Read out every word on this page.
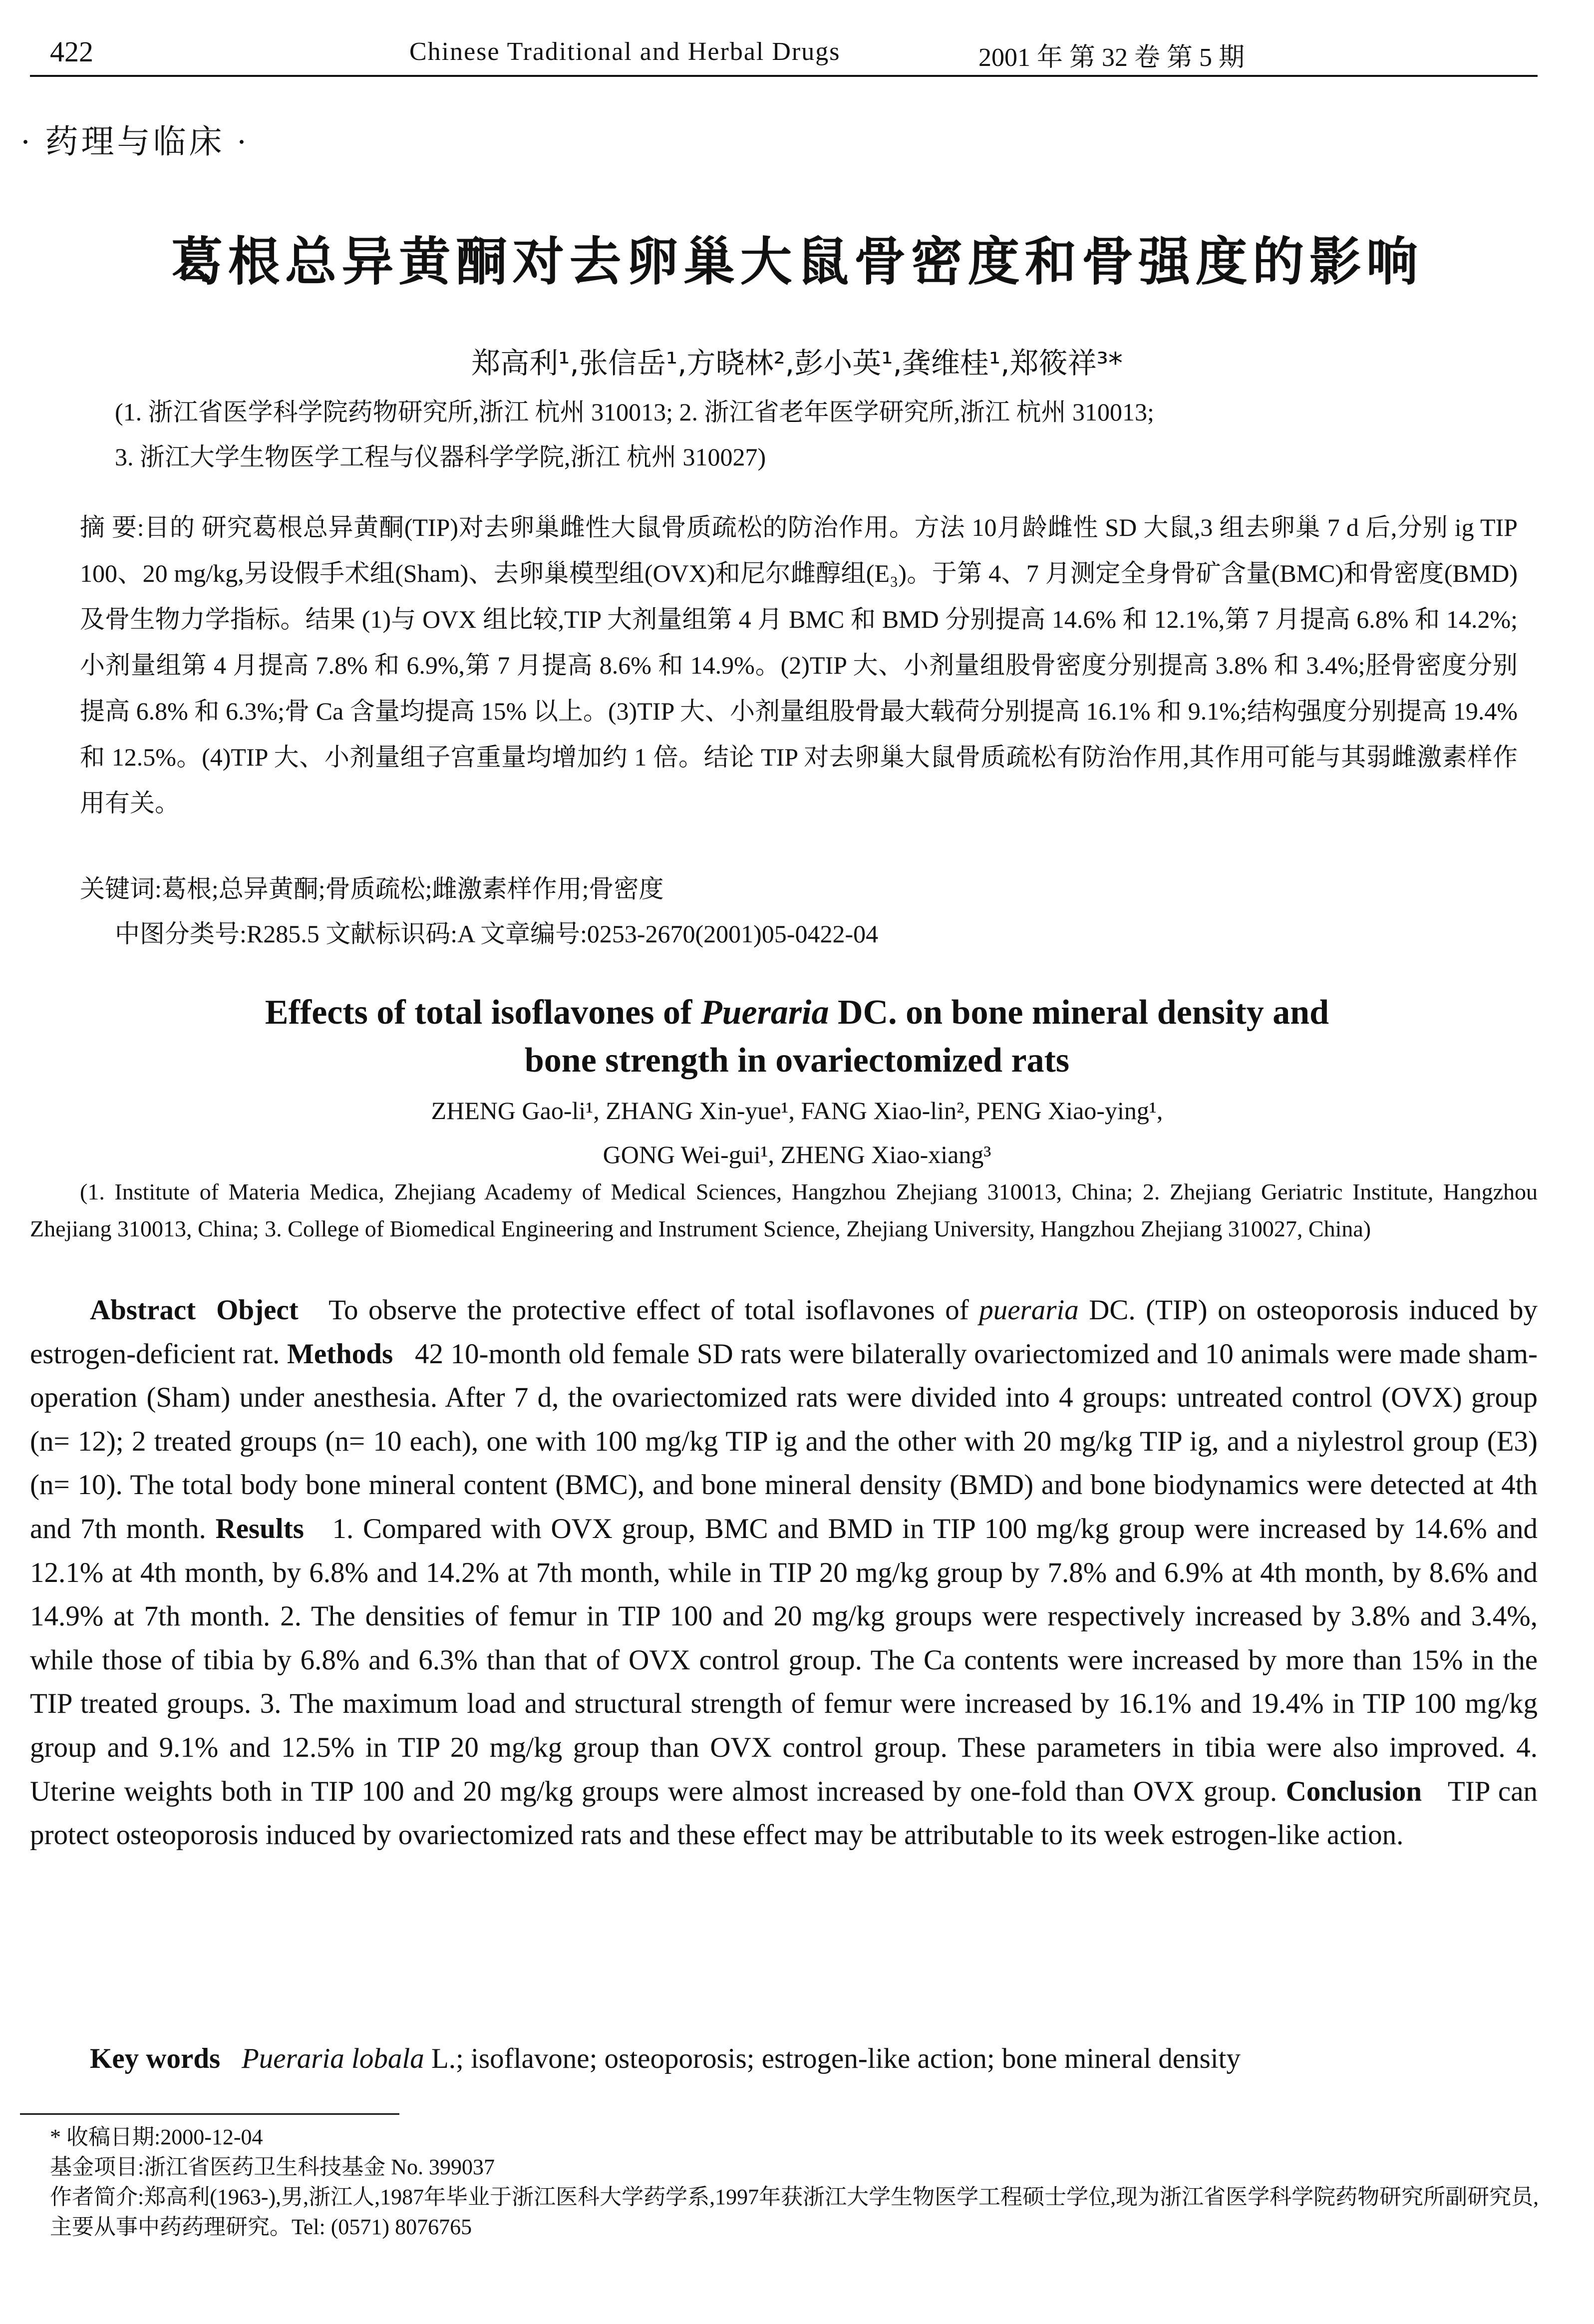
422	Chinese Traditional and Herbal Drugs	2001 年 第 32 卷 第 5 期
· 药理与临床 ·
葛根总异黄酮对去卵巢大鼠骨密度和骨强度的影响
郑高利¹,张信岳¹,方晓林²,彭小英¹,龚维桂¹,郑筱祥³*
(1. 浙江省医学科学院药物研究所,浙江 杭州 310013; 2. 浙江省老年医学研究所,浙江 杭州 310013;
3. 浙江大学生物医学工程与仪器科学学院,浙江 杭州 310027)
摘 要:目的 研究葛根总异黄酮(TIP)对去卵巢雌性大鼠骨质疏松的防治作用。方法 10月龄雌性 SD 大鼠,3 组去卵巢 7 d 后,分别 ig TIP 100、20 mg/kg,另设假手术组(Sham)、去卵巢模型组(OVX)和尼尔雌醇组(E₃)。于第 4、7 月测定全身骨矿含量(BMC)和骨密度(BMD)及骨生物力学指标。结果 (1)与 OVX 组比较,TIP 大剂量组第 4 月 BMC 和 BMD 分别提高 14.6% 和 12.1%,第 7 月提高 6.8% 和 14.2%;小剂量组第 4 月提高 7.8% 和 6.9%,第 7 月提高 8.6% 和 14.9%。(2)TIP 大、小剂量组股骨密度分别提高 3.8% 和 3.4%;胫骨密度分别提高 6.8% 和 6.3%;骨 Ca 含量均提高 15% 以上。(3)TIP 大、小剂量组股骨最大载荷分别提高 16.1% 和 9.1%;结构强度分别提高 19.4% 和 12.5%。(4)TIP 大、小剂量组子宫重量均增加约 1 倍。结论 TIP 对去卵巢大鼠骨质疏松有防治作用,其作用可能与其弱雌激素样作用有关。
关键词:葛根;总异黄酮;骨质疏松;雌激素样作用;骨密度
中图分类号:R285.5 文献标识码:A 文章编号:0253-2670(2001)05-0422-04
Effects of total isoflavones of Pueraria DC. on bone mineral density and
bone strength in ovariectomized rats
ZHENG Gao-li¹, ZHANG Xin-yue¹, FANG Xiao-lin², PENG Xiao-ying¹,
GONG Wei-gui¹, ZHENG Xiao-xiang³
(1. Institute of Materia Medica, Zhejiang Academy of Medical Sciences, Hangzhou Zhejiang 310013, China; 2. Zhejiang Geriatric Institute, Hangzhou Zhejiang 310013, China; 3. College of Biomedical Engineering and Instrument Science, Zhejiang University, Hangzhou Zhejiang 310027, China)
Abstract Object To observe the protective effect of total isoflavones of pueraria DC. (TIP) on osteoporosis induced by estrogen-deficient rat. Methods 42 10-month old female SD rats were bilaterally ovariectomized and 10 animals were made sham-operation (Sham) under anesthesia. After 7 d, the ovariectomized rats were divided into 4 groups: untreated control (OVX) group (n= 12); 2 treated groups (n= 10 each), one with 100 mg/kg TIP ig and the other with 20 mg/kg TIP ig, and a niylestrol group (E3) (n= 10). The total body bone mineral content (BMC), and bone mineral density (BMD) and bone biodynamics were detected at 4th and 7th month. Results 1. Compared with OVX group, BMC and BMD in TIP 100 mg/kg group were increased by 14.6% and 12.1% at 4th month, by 6.8% and 14.2% at 7th month, while in TIP 20 mg/kg group by 7.8% and 6.9% at 4th month, by 8.6% and 14.9% at 7th month. 2. The densities of femur in TIP 100 and 20 mg/kg groups were respectively increased by 3.8% and 3.4%, while those of tibia by 6.8% and 6.3% than that of OVX control group. The Ca contents were increased by more than 15% in the TIP treated groups. 3. The maximum load and structural strength of femur were increased by 16.1% and 19.4% in TIP 100 mg/kg group and 9.1% and 12.5% in TIP 20 mg/kg group than OVX control group. These parameters in tibia were also improved. 4. Uterine weights both in TIP 100 and 20 mg/kg groups were almost increased by one-fold than OVX group. Conclusion TIP can protect osteoporosis induced by ovariectomized rats and these effect may be attributable to its week estrogen-like action.
Key words Pueraria lobala L.; isoflavone; osteoporosis; estrogen-like action; bone mineral density
* 收稿日期:2000-12-04
基金项目:浙江省医药卫生科技基金 No. 399037
作者简介:郑高利(1963-),男,浙江人,1987年毕业于浙江医科大学药学系,1997年获浙江大学生物医学工程硕士学位,现为浙江省医学科学院药物研究所副研究员,
主要从事中药药理研究。Tel: (0571) 8076765
